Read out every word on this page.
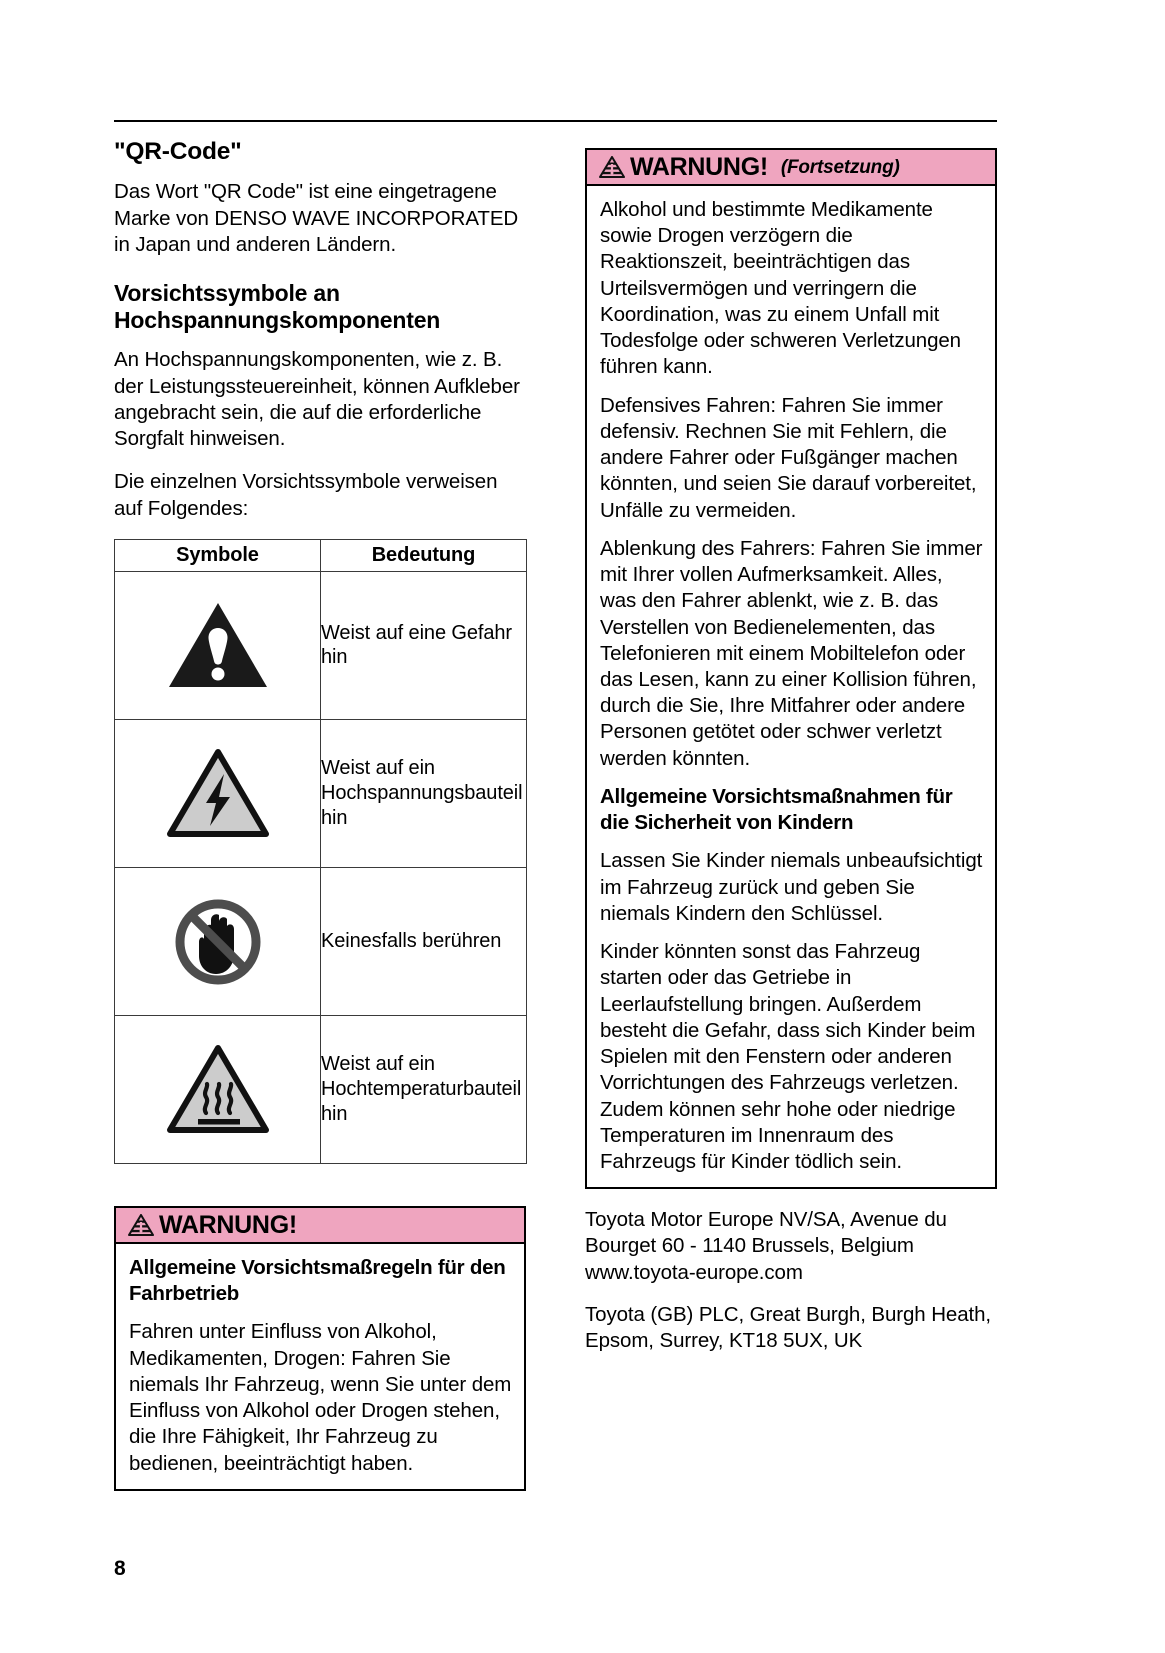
"QR-Code"

Das Wort "QR Code" ist eine eingetragene Marke von DENSO WAVE INCORPORATED in Japan und anderen Ländern.

Vorsichtssymbole an Hochspannungskomponenten

An Hochspannungskomponenten, wie z. B. der Leistungssteuereinheit, können Aufkleber angebracht sein, die auf die erforderliche Sorgfalt hinweisen.

Die einzelnen Vorsichtssymbole verweisen auf Folgendes:

Symbole	Bedeutung

	Weist auf eine Gefahr hin

	Weist auf ein Hochspannungsbauteil hin

	Keinesfalls berühren

	Weist auf ein Hochtemperaturbauteil hin
WARNUNG!

Allgemeine Vorsichtsmaßregeln für den Fahrbetrieb

Fahren unter Einfluss von Alkohol, Medikamenten, Drogen: Fahren Sie niemals Ihr Fahrzeug, wenn Sie unter dem Einfluss von Alkohol oder Drogen stehen, die Ihre Fähigkeit, Ihr Fahrzeug zu bedienen, beeinträchtigt haben.

WARNUNG! (Fortsetzung)

Alkohol und bestimmte Medikamente sowie Drogen verzögern die Reaktionszeit, beeinträchtigen das Urteilsvermögen und verringern die Koordination, was zu einem Unfall mit Todesfolge oder schweren Verletzungen führen kann.

Defensives Fahren: Fahren Sie immer defensiv. Rechnen Sie mit Fehlern, die andere Fahrer oder Fußgänger machen könnten, und seien Sie darauf vorbereitet, Unfälle zu vermeiden.

Ablenkung des Fahrers: Fahren Sie immer mit Ihrer vollen Aufmerksamkeit. Alles, was den Fahrer ablenkt, wie z. B. das Verstellen von Bedienelementen, das Telefonieren mit einem Mobiltelefon oder das Lesen, kann zu einer Kollision führen, durch die Sie, Ihre Mitfahrer oder andere Personen getötet oder schwer verletzt werden könnten.

Allgemeine Vorsichtsmaßnahmen für die Sicherheit von Kindern

Lassen Sie Kinder niemals unbeaufsichtigt im Fahrzeug zurück und geben Sie niemals Kindern den Schlüssel.

Kinder könnten sonst das Fahrzeug starten oder das Getriebe in Leerlaufstellung bringen. Außerdem besteht die Gefahr, dass sich Kinder beim Spielen mit den Fenstern oder anderen Vorrichtungen des Fahrzeugs verletzen. Zudem können sehr hohe oder niedrige Temperaturen im Innenraum des Fahrzeugs für Kinder tödlich sein.

Toyota Motor Europe NV/SA, Avenue du Bourget 60 - 1140 Brussels, Belgium www.toyota-europe.com

Toyota (GB) PLC, Great Burgh, Burgh Heath, Epsom, Surrey, KT18 5UX, UK

8
